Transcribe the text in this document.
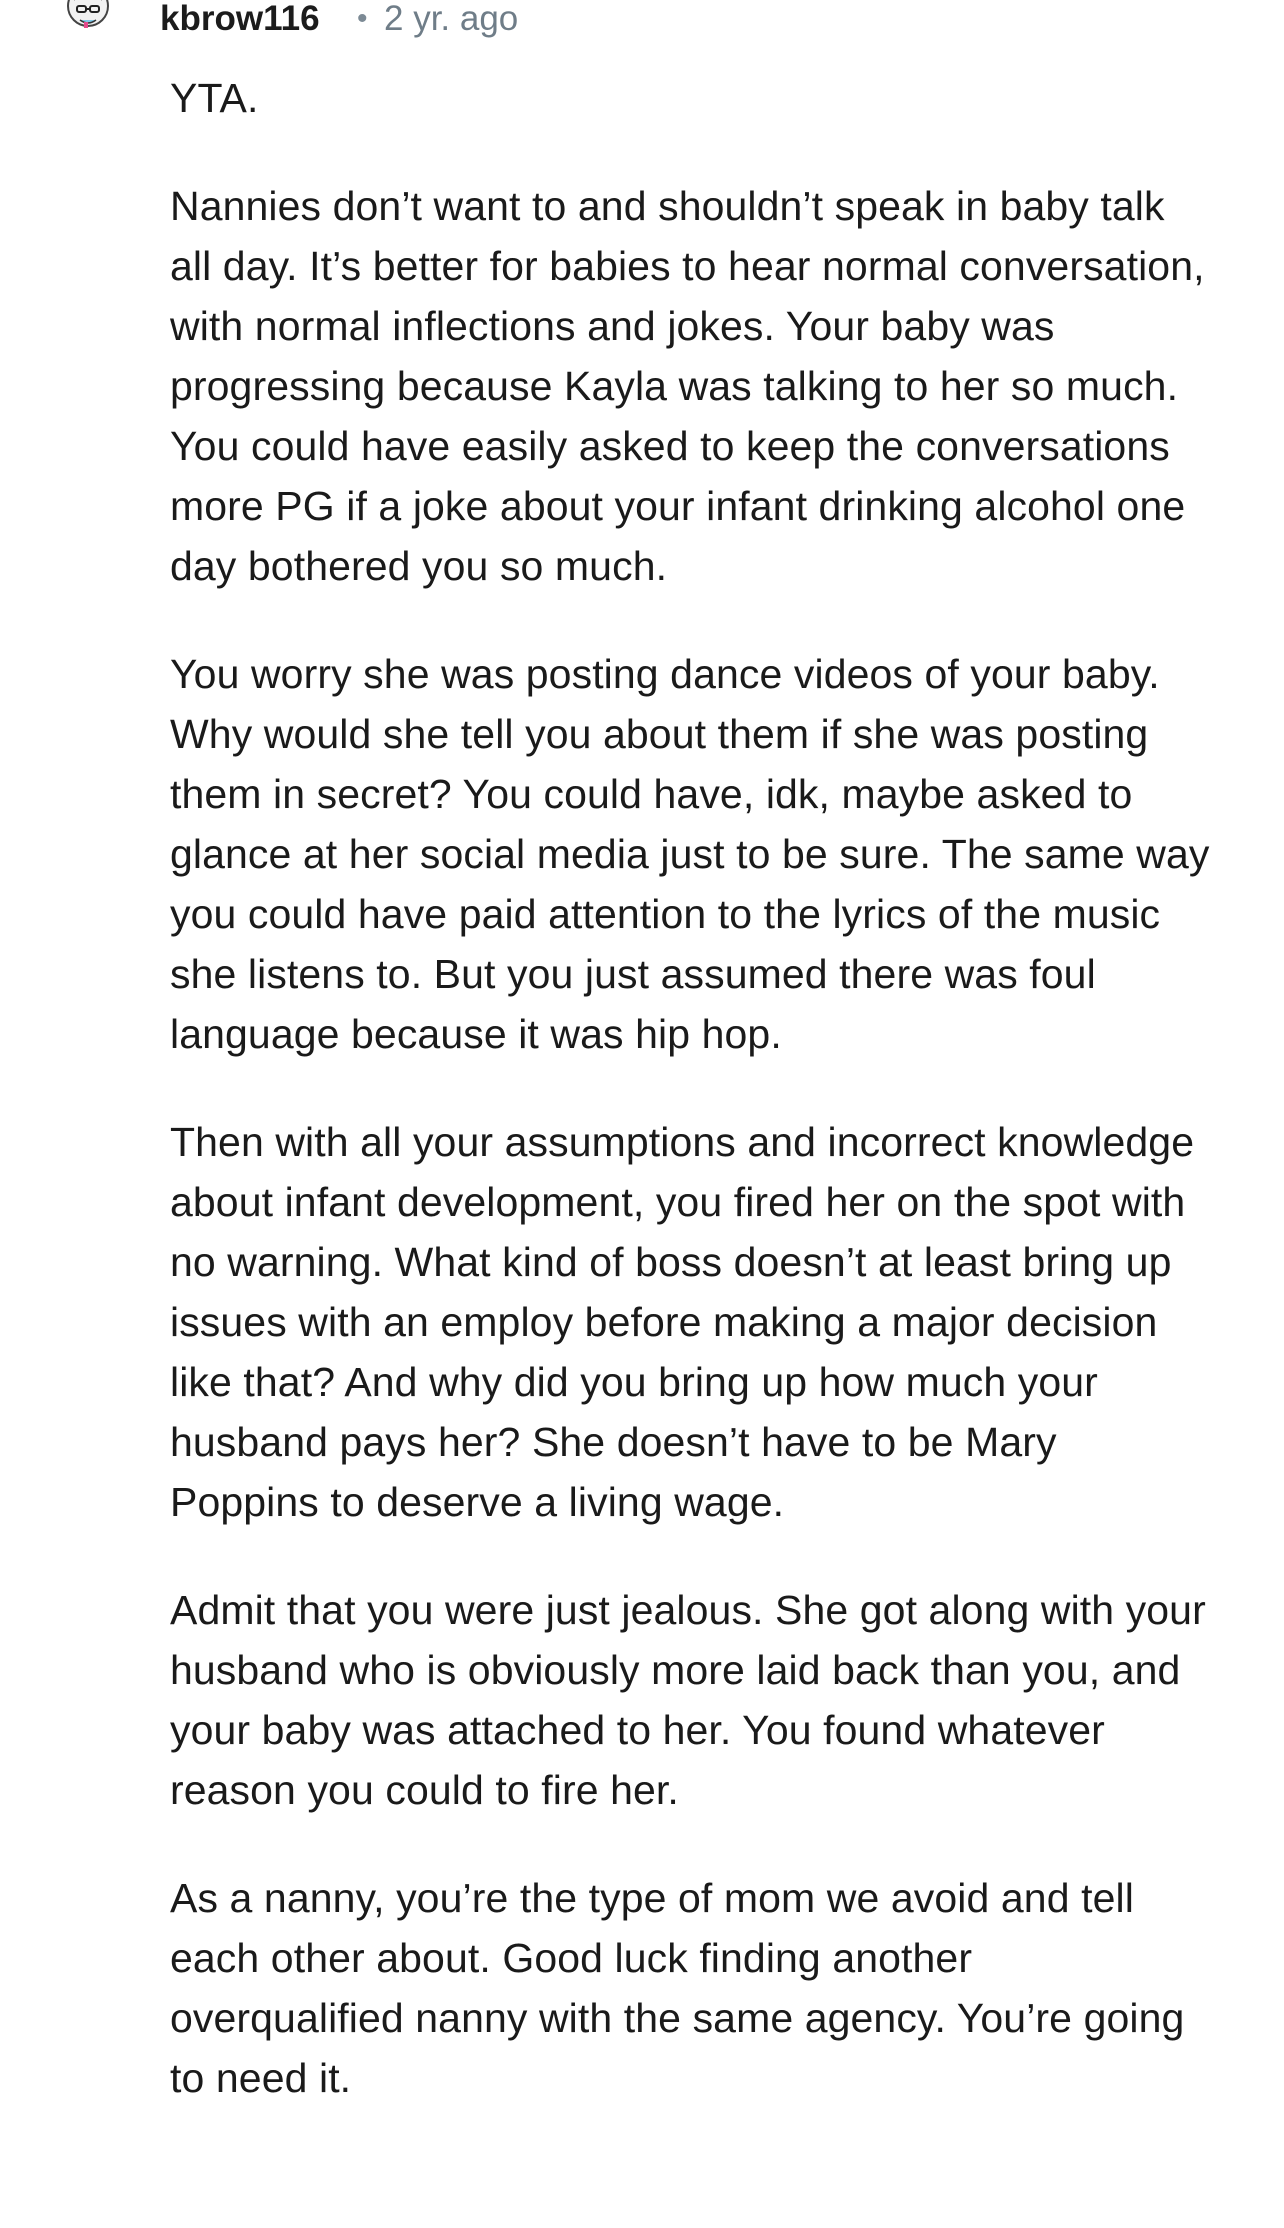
kbrow116 • 2 yr. ago

YTA.

Nannies don’t want to and shouldn’t speak in baby talk all day. It’s better for babies to hear normal conversation, with normal inflections and jokes. Your baby was progressing because Kayla was talking to her so much. You could have easily asked to keep the conversations more PG if a joke about your infant drinking alcohol one day bothered you so much.

You worry she was posting dance videos of your baby. Why would she tell you about them if she was posting them in secret? You could have, idk, maybe asked to glance at her social media just to be sure. The same way you could have paid attention to the lyrics of the music she listens to. But you just assumed there was foul language because it was hip hop.

Then with all your assumptions and incorrect knowledge about infant development, you fired her on the spot with no warning. What kind of boss doesn’t at least bring up issues with an employ before making a major decision like that? And why did you bring up how much your husband pays her? She doesn’t have to be Mary Poppins to deserve a living wage.

Admit that you were just jealous. She got along with your husband who is obviously more laid back than you, and your baby was attached to her. You found whatever reason you could to fire her.

As a nanny, you’re the type of mom we avoid and tell each other about. Good luck finding another overqualified nanny with the same agency. You’re going to need it.
